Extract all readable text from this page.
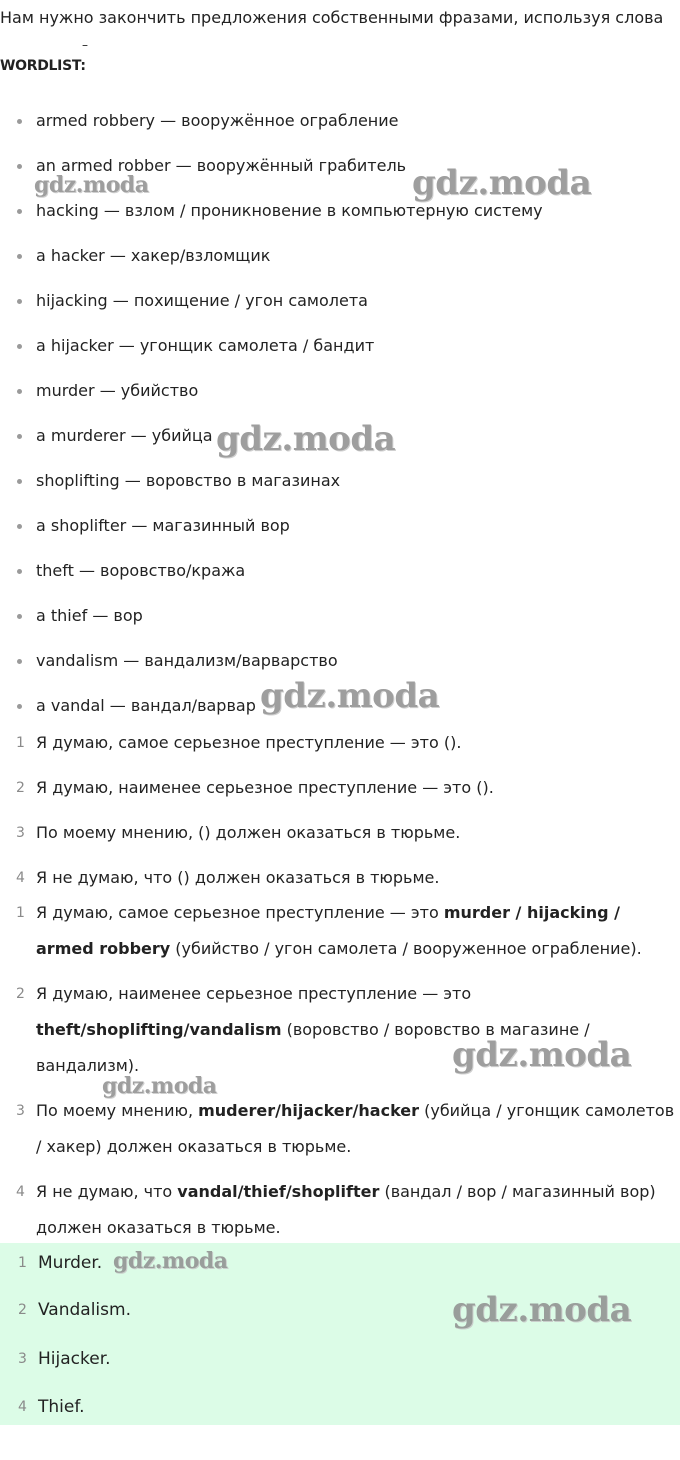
Нам нужно закончить предложения собственными фразами, используя слова
–
WORDLIST:
armed robbery — вооружённое ограбление
an armed robber — вооружённый грабитель
hacking — взлом / проникновение в компьютерную систему
a hacker — хакер/взломщик
hijacking — похищение / угон самолета
a hijacker — угонщик самолета / бандит
murder — убийство
a murderer — убийца
shoplifting — воровство в магазинах
a shoplifter — магазинный вор
theft — воровство/кража
a thief — вор
vandalism — вандализм/варварство
a vandal — вандал/варвар
1 Я думаю, самое серьезное преступление — это ().
2 Я думаю, наименее серьезное преступление — это ().
3 По моему мнению, () должен оказаться в тюрьме.
4 Я не думаю, что () должен оказаться в тюрьме.
1 Я думаю, самое серьезное преступление — это murder / hijacking / armed robbery (убийство / угон самолета / вооруженное ограбление).
2 Я думаю, наименее серьезное преступление — это theft/shoplifting/vandalism (воровство / воровство в магазине / вандализм).
3 По моему мнению, muderer/hijacker/hacker (убийца / угонщик самолетов / хакер) должен оказаться в тюрьме.
4 Я не думаю, что vandal/thief/shoplifter (вандал / вор / магазинный вор) должен оказаться в тюрьме.
1 Murder.
2 Vandalism.
3 Hijacker.
4 Thief.
gdz.moda	gdz.moda
gdz.moda
gdz.moda
gdz.moda
gdz.moda
gdz.moda
gdz.moda
